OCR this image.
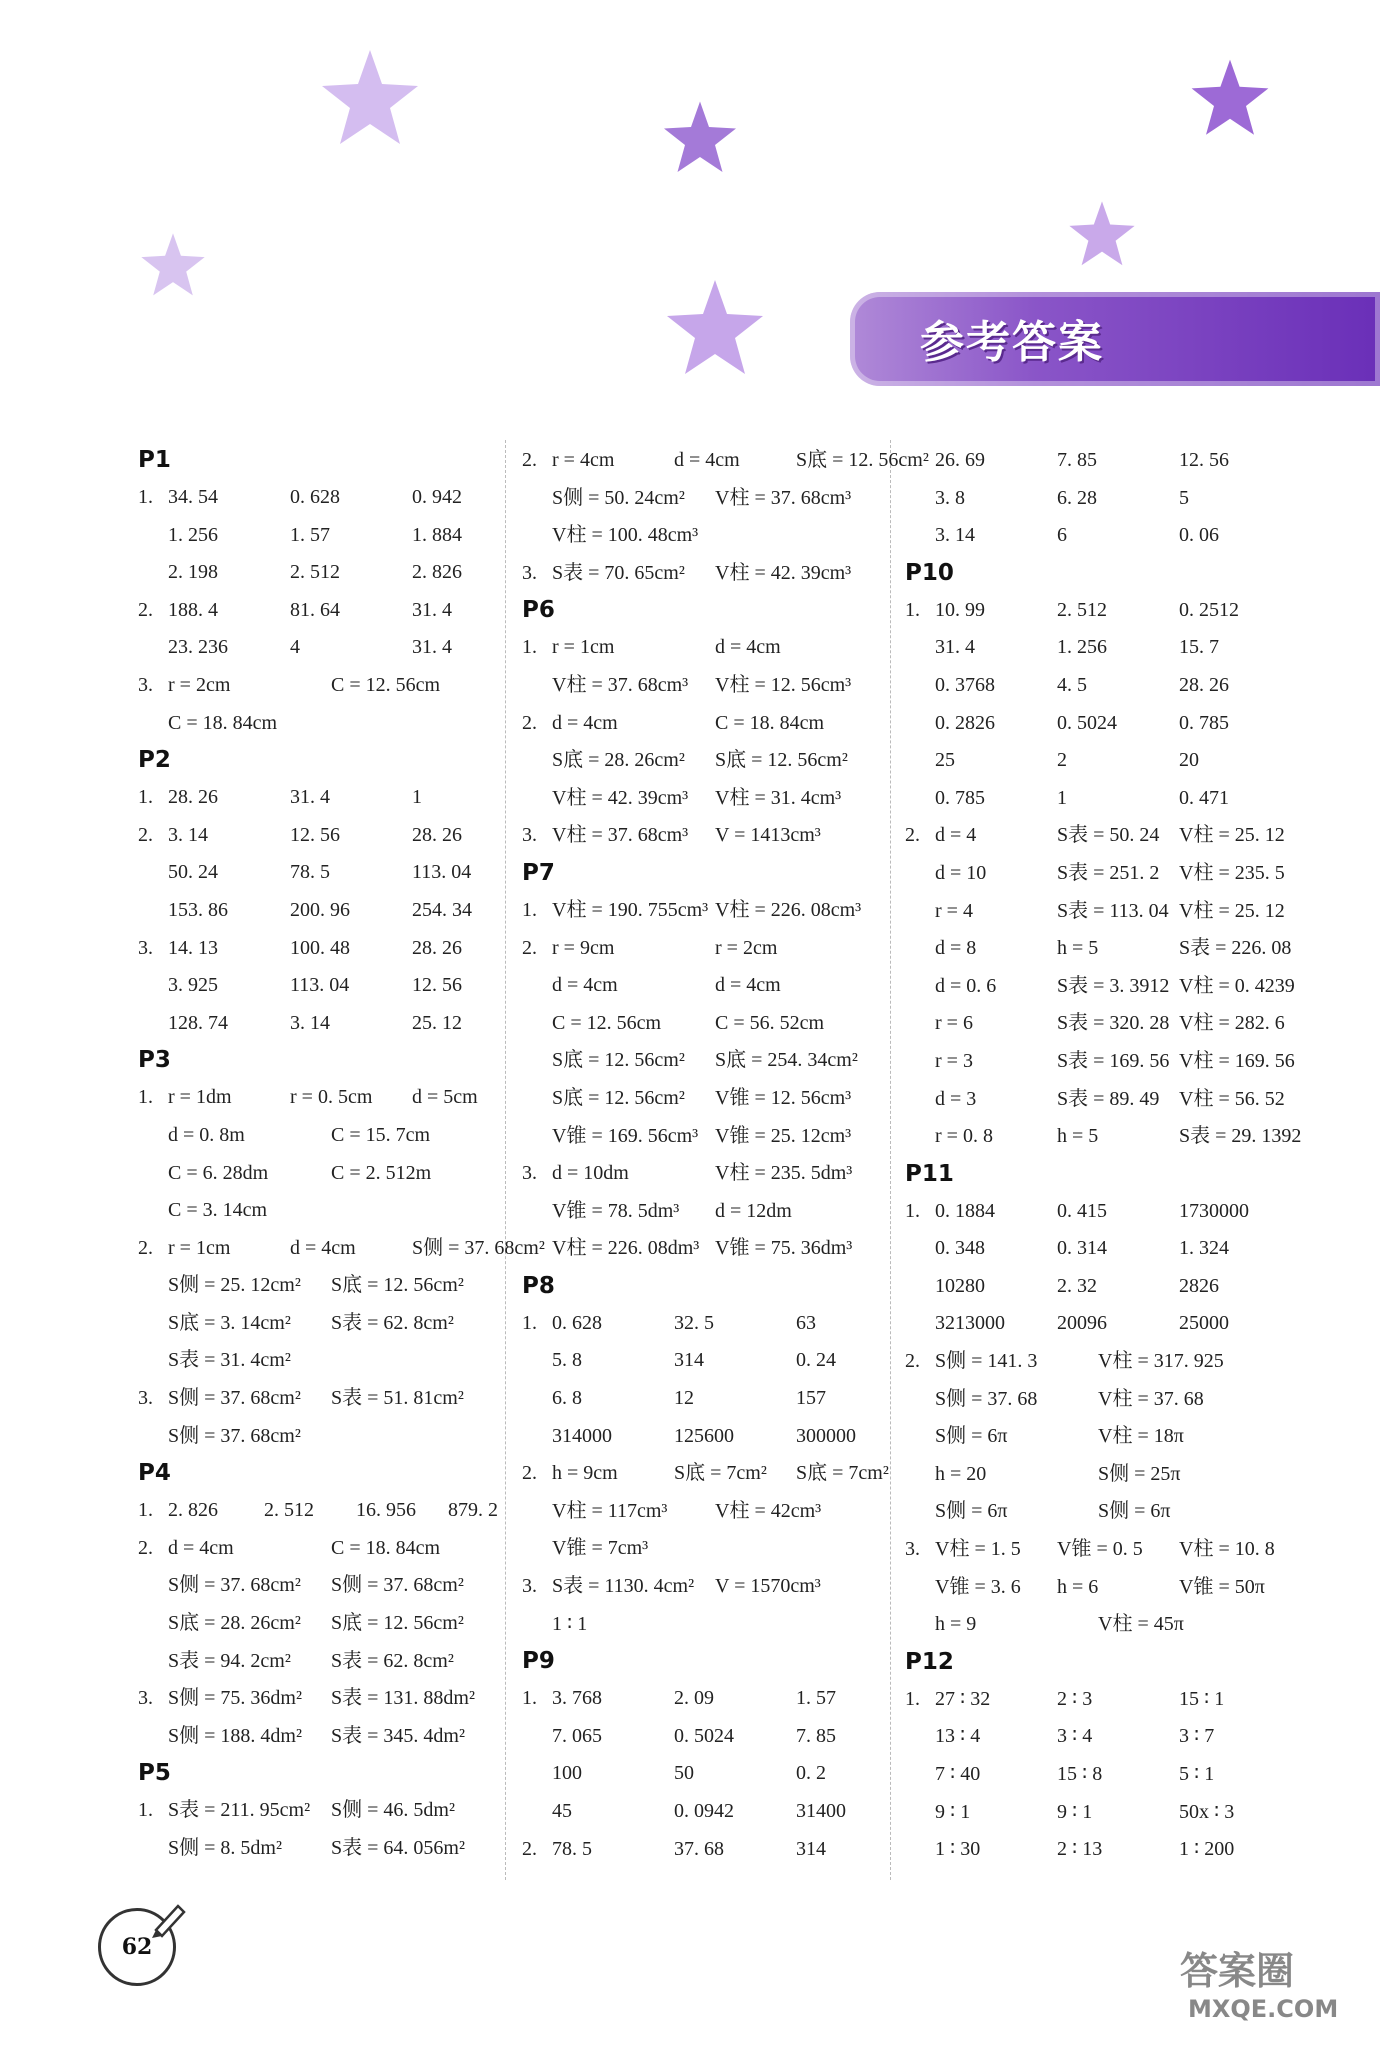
参考答案
P1
1. 34. 54	0. 628	0. 942
1. 256	1. 57	1. 884
2. 198	2. 512	2. 826
2. 188. 4	81. 64	31. 4
23. 236	4	31. 4
3. r = 2cm	C = 12. 56cm
C = 18. 84cm
P2
1. 28. 26	31. 4	1
2. 3. 14	12. 56	28. 26
50. 24	78. 5	113. 04
153. 86	200. 96	254. 34
3. 14. 13	100. 48	28. 26
3. 925	113. 04	12. 56
128. 74	3. 14	25. 12
P3
1. r = 1dm	r = 0. 5cm	d = 5cm
d = 0. 8m	C = 15. 7cm
C = 6. 28dm	C = 2. 512m
C = 3. 14cm
2. r = 1cm	d = 4cm	S侧 = 37. 68cm²
S侧 = 25. 12cm²	S底 = 12. 56cm²
S底 = 3. 14cm²	S表 = 62. 8cm²
S表 = 31. 4cm²
3. S侧 = 37. 68cm²	S表 = 51. 81cm²
S侧 = 37. 68cm²
P4
1. 2. 826	2. 512	16. 956	879. 2
2. d = 4cm	C = 18. 84cm
S侧 = 37. 68cm²	S侧 = 37. 68cm²
S底 = 28. 26cm²	S底 = 12. 56cm²
S表 = 94. 2cm²	S表 = 62. 8cm²
3. S侧 = 75. 36dm²	S表 = 131. 88dm²
S侧 = 188. 4dm²	S表 = 345. 4dm²
P5
1. S表 = 211. 95cm²	S侧 = 46. 5dm²
S侧 = 8. 5dm²	S表 = 64. 056m²
2. r = 4cm	d = 4cm	S底 = 12. 56cm²
S侧 = 50. 24cm²	V柱 = 37. 68cm³
V柱 = 100. 48cm³
3. S表 = 70. 65cm²	V柱 = 42. 39cm³
P6
1. r = 1cm	d = 4cm
V柱 = 37. 68cm³	V柱 = 12. 56cm³
2. d = 4cm	C = 18. 84cm
S底 = 28. 26cm²	S底 = 12. 56cm²
V柱 = 42. 39cm³	V柱 = 31. 4cm³
3. V柱 = 37. 68cm³	V = 1413cm³
P7
1. V柱 = 190. 755cm³ V柱 = 226. 08cm³
2. r = 9cm	r = 2cm
d = 4cm	d = 4cm
C = 12. 56cm	C = 56. 52cm
S底 = 12. 56cm²	S底 = 254. 34cm²
S底 = 12. 56cm²	V锥 = 12. 56cm³
V锥 = 169. 56cm³ V锥 = 25. 12cm³
3. d = 10dm	V柱 = 235. 5dm³
V锥 = 78. 5dm³	d = 12dm
V柱 = 226. 08dm³ V锥 = 75. 36dm³
P8
1. 0. 628	32. 5	63
5. 8	314	0. 24
6. 8	12	157
314000	125600	300000
2. h = 9cm	S底 = 7cm²	S底 = 7cm²
V柱 = 117cm³	V柱 = 42cm³
V锥 = 7cm³
3. S表 = 1130. 4cm²	V = 1570cm³
1 ∶ 1
P9
1. 3. 768	2. 09	1. 57
7. 065	0. 5024	7. 85
100	50	0. 2
45	0. 0942	31400
2. 78. 5	37. 68	314
26. 69	7. 85	12. 56
3. 8	6. 28	5
3. 14	6	0. 06
P10
1. 10. 99	2. 512	0. 2512
31. 4	1. 256	15. 7
0. 3768	4. 5	28. 26
0. 2826	0. 5024	0. 785
25	2	20
0. 785	1	0. 471
2. d = 4	S表 = 50. 24 V柱 = 25. 12
d = 10	S表 = 251. 2 V柱 = 235. 5
r = 4	S表 = 113. 04 V柱 = 25. 12
d = 8	h = 5	S表 = 226. 08
d = 0. 6	S表 = 3. 3912 V柱 = 0. 4239
r = 6	S表 = 320. 28 V柱 = 282. 6
r = 3	S表 = 169. 56 V柱 = 169. 56
d = 3	S表 = 89. 49 V柱 = 56. 52
r = 0. 8	h = 5	S表 = 29. 1392
P11
1. 0. 1884	0. 415	1730000
0. 348	0. 314	1. 324
10280	2. 32	2826
3213000	20096	25000
2. S侧 = 141. 3	V柱 = 317. 925
S侧 = 37. 68	V柱 = 37. 68
S侧 = 6π	V柱 = 18π
h = 20	S侧 = 25π
S侧 = 6π	S侧 = 6π
3. V柱 = 1. 5	V锥 = 0. 5	V柱 = 10. 8
V锥 = 3. 6	h = 6	V锥 = 50π
h = 9	V柱 = 45π
P12
1. 27 ∶ 32	2 ∶ 3	15 ∶ 1
13 ∶ 4	3 ∶ 4	3 ∶ 7
7 ∶ 40	15 ∶ 8	5 ∶ 1
9 ∶ 1	9 ∶ 1	50x ∶ 3
1 ∶ 30	2 ∶ 13	1 ∶ 200
62
答案圈
MXQE.COM
